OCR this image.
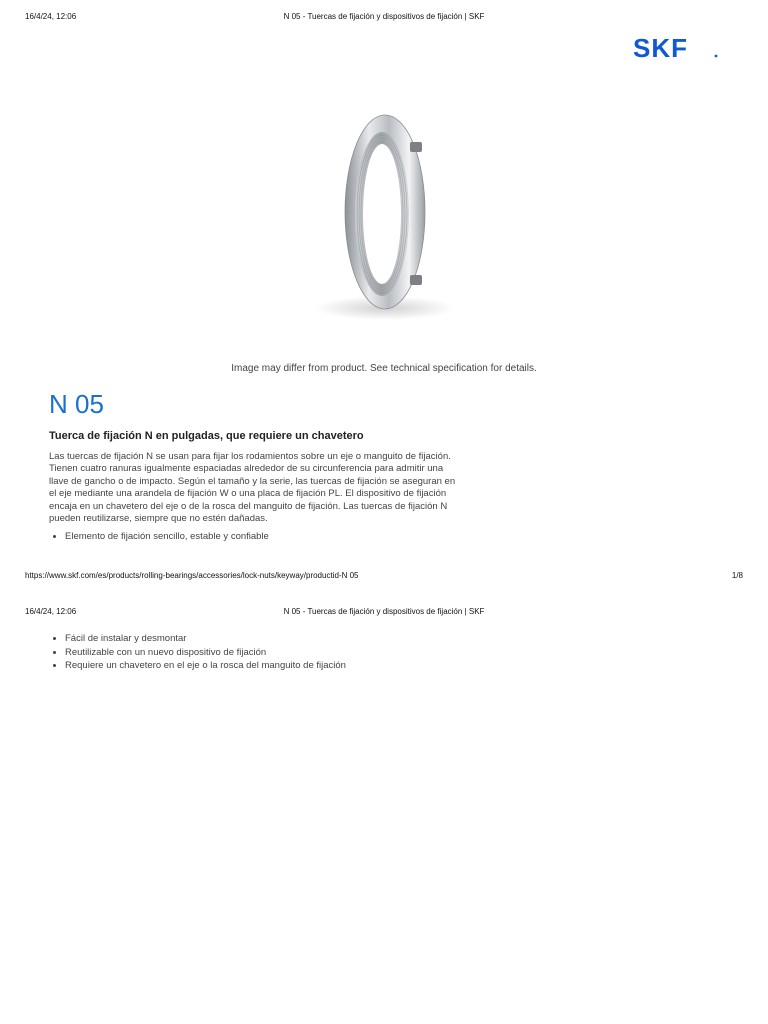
16/4/24, 12:06	N 05 - Tuercas de fijación y dispositivos de fijación | SKF
SKF
Image may differ from product. See technical specification for details.
N 05
Tuerca de fijación N en pulgadas, que requiere un chavetero

Las tuercas de fijación N se usan para fijar los rodamientos sobre un eje o manguito de fijación. Tienen cuatro ranuras igualmente espaciadas alrededor de su circunferencia para admitir una llave de gancho o de impacto. Según el tamaño y la serie, las tuercas de fijación se aseguran en el eje mediante una arandela de fijación W o una placa de fijación PL. El dispositivo de fijación encaja en un chavetero del eje o de la rosca del manguito de fijación. Las tuercas de fijación N pueden reutilizarse, siempre que no estén dañadas.

• Elemento de fijación sencillo, estable y confiable
https://www.skf.com/es/products/rolling-bearings/accessories/lock-nuts/keyway/productid-N 05	1/8
16/4/24, 12:06	N 05 - Tuercas de fijación y dispositivos de fijación | SKF
• Fácil de instalar y desmontar
• Reutilizable con un nuevo dispositivo de fijación
• Requiere un chavetero en el eje o la rosca del manguito de fijación
